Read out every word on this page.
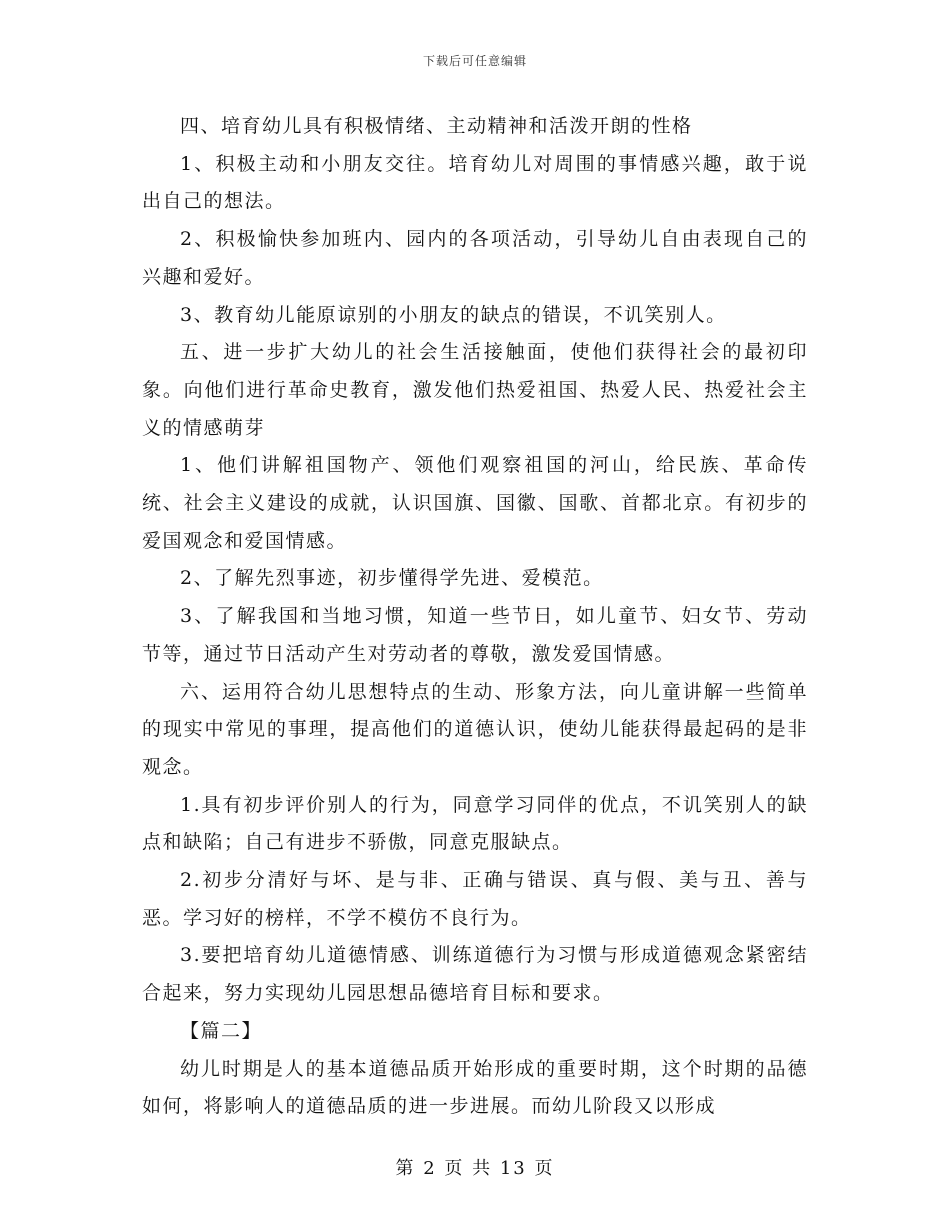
下载后可任意编辑

四、培育幼儿具有积极情绪、主动精神和活泼开朗的性格

1、积极主动和小朋友交往。培育幼儿对周围的事情感兴趣，敢于说出自己的想法。

2、积极愉快参加班内、园内的各项活动，引导幼儿自由表现自己的兴趣和爱好。

3、教育幼儿能原谅别的小朋友的缺点的错误，不讥笑别人。

五、进一步扩大幼儿的社会生活接触面，使他们获得社会的最初印象。向他们进行革命史教育，激发他们热爱祖国、热爱人民、热爱社会主义的情感萌芽

1、他们讲解祖国物产、领他们观察祖国的河山，给民族、革命传统、社会主义建设的成就，认识国旗、国徽、国歌、首都北京。有初步的爱国观念和爱国情感。

2、了解先烈事迹，初步懂得学先进、爱模范。

3、了解我国和当地习惯，知道一些节日，如儿童节、妇女节、劳动节等，通过节日活动产生对劳动者的尊敬，激发爱国情感。

六、运用符合幼儿思想特点的生动、形象方法，向儿童讲解一些简单的现实中常见的事理，提高他们的道德认识，使幼儿能获得最起码的是非观念。

1.具有初步评价别人的行为，同意学习同伴的优点，不讥笑别人的缺点和缺陷；自己有进步不骄傲，同意克服缺点。

2.初步分清好与坏、是与非、正确与错误、真与假、美与丑、善与恶。学习好的榜样，不学不模仿不良行为。

3.要把培育幼儿道德情感、训练道德行为习惯与形成道德观念紧密结合起来，努力实现幼儿园思想品德培育目标和要求。

【篇二】

幼儿时期是人的基本道德品质开始形成的重要时期，这个时期的品德如何，将影响人的道德品质的进一步进展。而幼儿阶段又以形成

第 2 页 共 13 页
